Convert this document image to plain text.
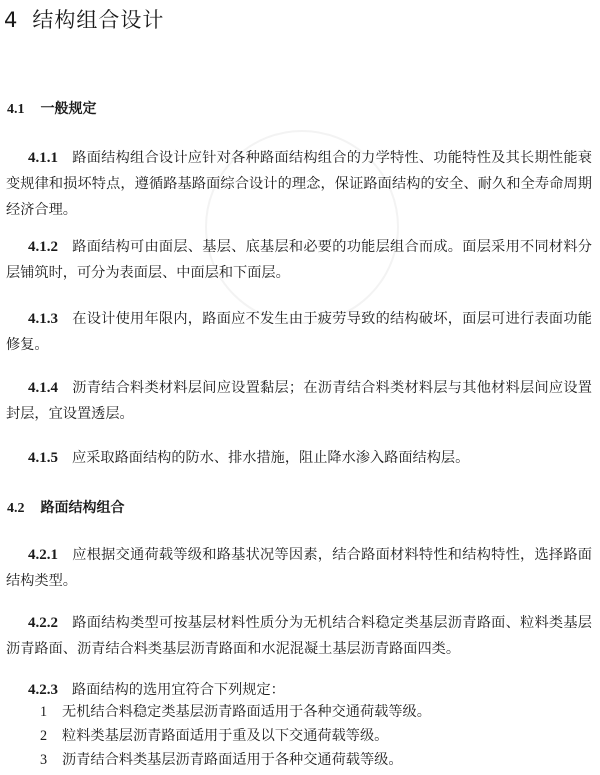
4 结构组合设计
4.1 一般规定
4.1.1 路面结构组合设计应针对各种路面结构组合的力学特性、功能特性及其长期性能衰变规律和损坏特点，遵循路基路面综合设计的理念，保证路面结构的安全、耐久和全寿命周期经济合理。
4.1.2 路面结构可由面层、基层、底基层和必要的功能层组合而成。面层采用不同材料分层铺筑时，可分为表面层、中面层和下面层。
4.1.3 在设计使用年限内，路面应不发生由于疲劳导致的结构破坏，面层可进行表面功能修复。
4.1.4 沥青结合料类材料层间应设置黏层；在沥青结合料类材料层与其他材料层间应设置封层，宜设置透层。
4.1.5 应采取路面结构的防水、排水措施，阻止降水渗入路面结构层。
4.2 路面结构组合
4.2.1 应根据交通荷载等级和路基状况等因素，结合路面材料特性和结构特性，选择路面结构类型。
4.2.2 路面结构类型可按基层材料性质分为无机结合料稳定类基层沥青路面、粒料类基层沥青路面、沥青结合料类基层沥青路面和水泥混凝土基层沥青路面四类。
4.2.3 路面结构的选用宜符合下列规定：
1 无机结合料稳定类基层沥青路面适用于各种交通荷载等级。
2 粒料类基层沥青路面适用于重及以下交通荷载等级。
3 沥青结合料类基层沥青路面适用于各种交通荷载等级。
